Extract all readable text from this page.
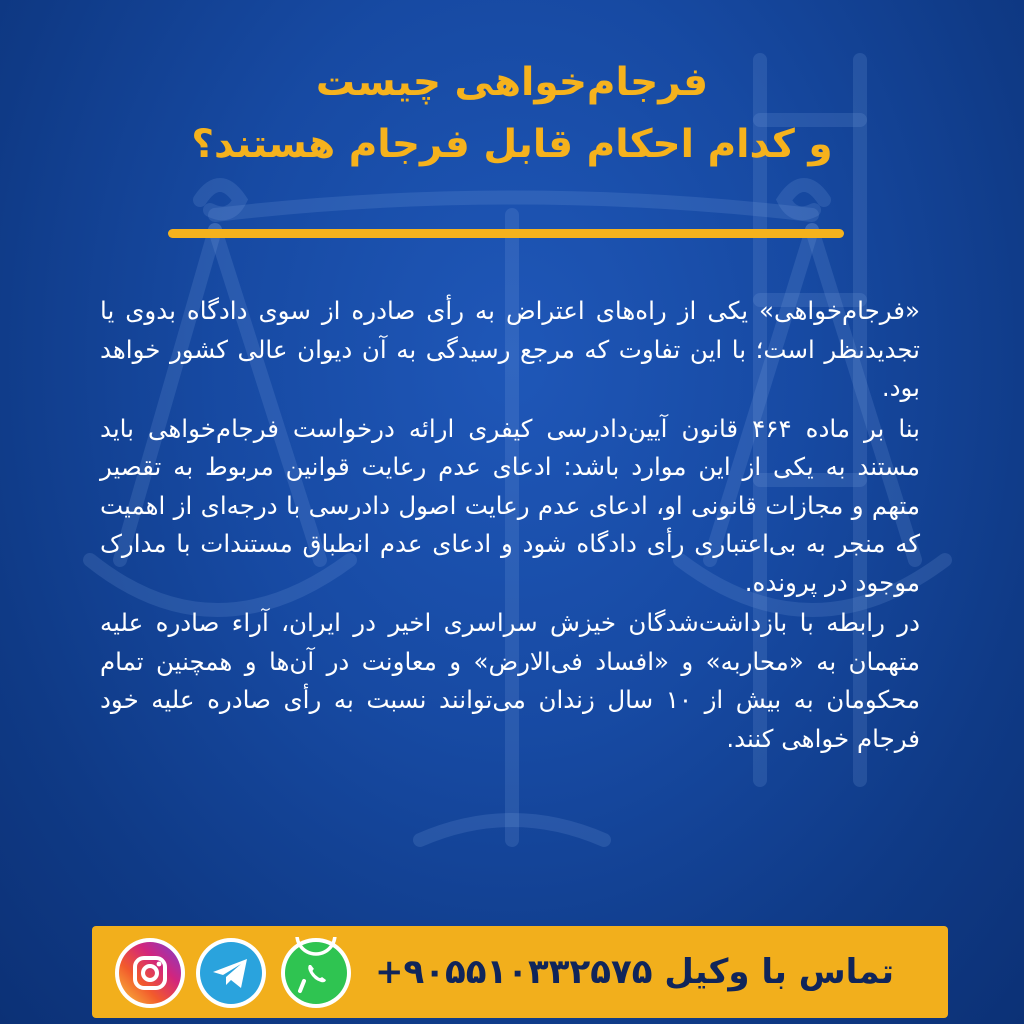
فرجام‌خواهی چیست
و کدام احکام قابل فرجام هستند؟

«فرجام‌خواهی» یکی از راه‌های اعتراض به رأی صادره از سوی دادگاه بدوی یا تجدیدنظر است؛ با این تفاوت که مرجع رسیدگی به آن دیوان عالی کشور خواهد بود.

بنا بر ماده ۴۶۴ قانون آیین‌دادرسی کیفری ارائه درخواست فرجام‌خواهی باید مستند به یکی از این موارد باشد: ادعای عدم رعایت قوانین مربوط به تقصیر متهم و مجازات قانونی او، ادعای عدم رعایت اصول دادرسی با درجه‌ای از اهمیت که منجر به بی‌اعتباری رأی دادگاه شود و ادعای عدم انطباق مستندات با مدارک موجود در پرونده.

در رابطه با بازداشت‌شدگان خیزش سراسری اخیر در ایران، آراء صادره علیه متهمان به «محاربه» و «افساد فی‌الارض» و معاونت در آن‌ها و همچنین تمام محکومان به بیش از ۱۰ سال زندان می‌توانند نسبت به رأی صادره علیه خود فرجام خواهی کنند.

تماس با وکیل +۹۰۵۵۱۰۳۳۲۵۷۵
